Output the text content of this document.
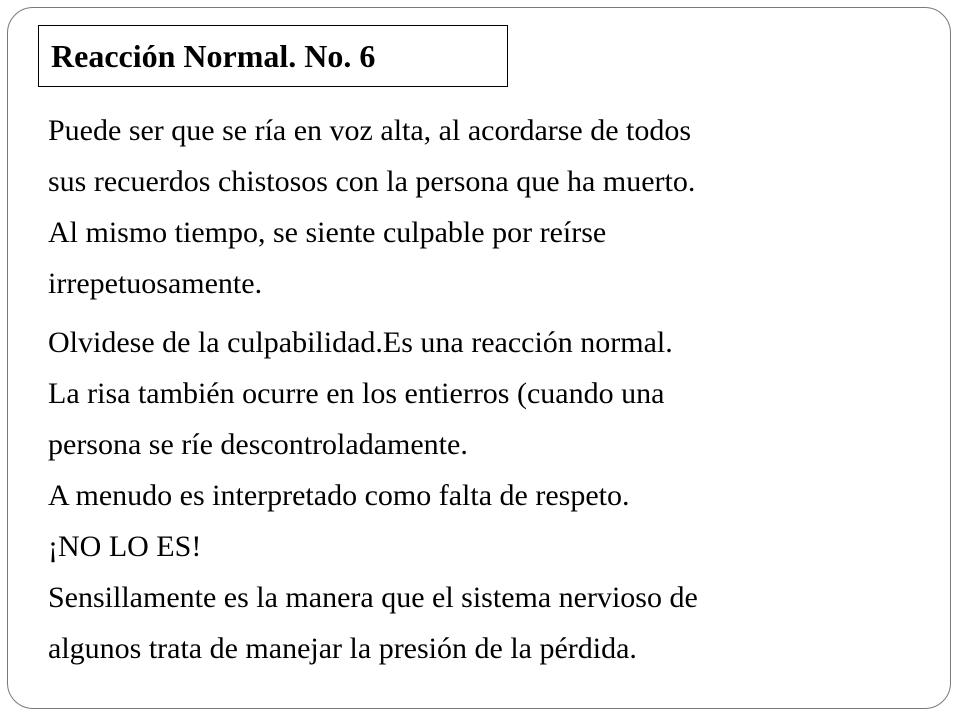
Reacción Normal. No. 6
Puede ser que se ría en voz alta, al acordarse de todos
sus recuerdos chistosos con la persona que ha muerto.
Al mismo tiempo, se siente culpable por reírse
irrepetuosamente.
Olvidese de la culpabilidad.Es una reacción normal.
La risa también ocurre en los entierros (cuando una
persona se ríe descontroladamente.
A menudo es interpretado como falta de respeto.
¡NO LO ES!
Sensillamente es la manera que el sistema nervioso de
algunos trata de manejar la presión de la pérdida.
